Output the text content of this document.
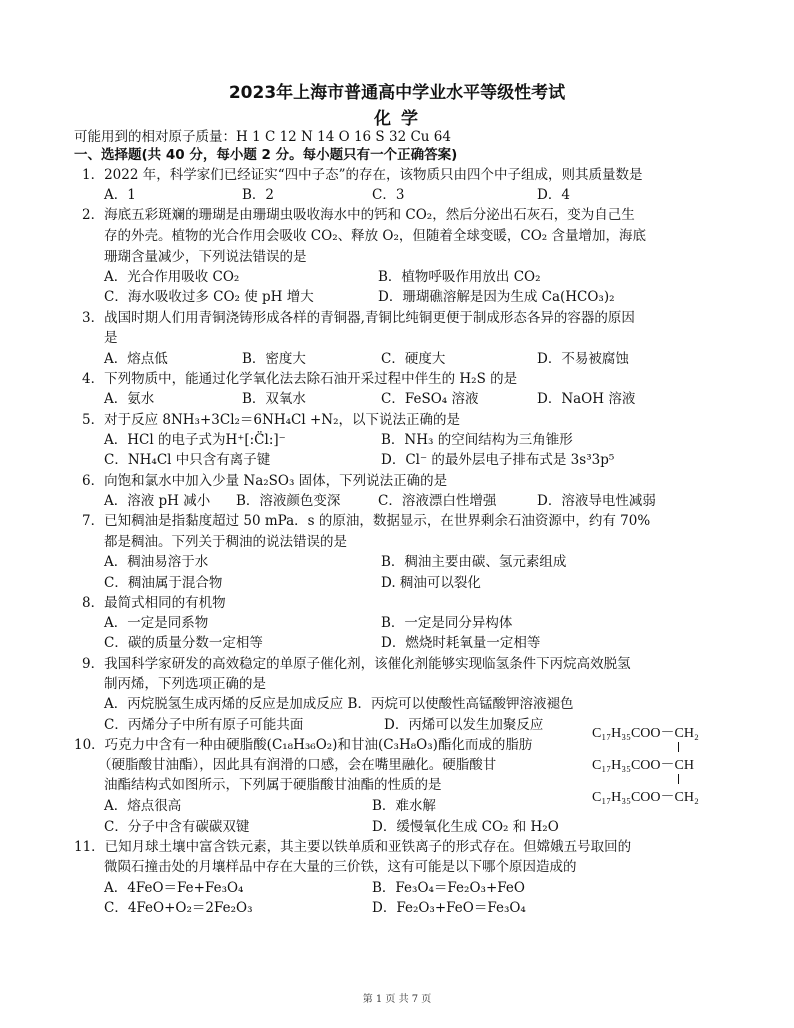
2023年上海市普通高中学业水平等级性考试
化 学
可能用到的相对原子质量：H 1 C 12 N 14 O 16 S 32 Cu 64
一、选择题(共 40 分，每小题 2 分。每小题只有一个正确答案)
1．2022 年，科学家们已经证实“四中子态”的存在，该物质只由四个中子组成，则其质量数是
A．1	B．2	C．3	D．4
2．海底五彩斑斓的珊瑚是由珊瑚虫吸收海水中的钙和 CO₂，然后分泌出石灰石，变为自己生
存的外壳。植物的光合作用会吸收 CO₂、释放 O₂，但随着全球变暖，CO₂ 含量增加，海底
珊瑚含量减少，下列说法错误的是
A．光合作用吸收 CO₂	B．植物呼吸作用放出 CO₂
C．海水吸收过多 CO₂ 使 pH 增大	D．珊瑚礁溶解是因为生成 Ca(HCO₃)₂
3．战国时期人们用青铜浇铸形成各样的青铜器,青铜比纯铜更便于制成形态各异的容器的原因
是
A．熔点低	B．密度大	C．硬度大	D．不易被腐蚀
4．下列物质中，能通过化学氧化法去除石油开采过程中伴生的 H₂S 的是
A．氨水	B．双氧水	C．FeSO₄ 溶液	D．NaOH 溶液
5．对于反应 8NH₃+3Cl₂＝6NH₄Cl +N₂，以下说法正确的是
A．HCl 的电子式为H⁺[:C̈l:]⁻	B．NH₃ 的空间结构为三角锥形
C．NH₄Cl 中只含有离子键	D．Cl⁻ 的最外层电子排布式是 3s³3p⁵
6．向饱和氯水中加入少量 Na₂SO₃ 固体，下列说法正确的是
A．溶液 pH 减小 B．溶液颜色变深	C．溶液漂白性增强	D．溶液导电性减弱
7．已知稠油是指黏度超过 50 mPa．s 的原油，数据显示，在世界剩余石油资源中，约有 70%
都是稠油。下列关于稠油的说法错误的是
A．稠油易溶于水	B．稠油主要由碳、氢元素组成
C．稠油属于混合物	D. 稠油可以裂化
8．最简式相同的有机物
A．一定是同系物	B．一定是同分异构体
C．碳的质量分数一定相等	D．燃烧时耗氧量一定相等
9．我国科学家研发的高效稳定的单原子催化剂，该催化剂能够实现临氢条件下丙烷高效脱氢
制丙烯，下列选项正确的是
A．丙烷脱氢生成丙烯的反应是加成反应 B．丙烷可以使酸性高锰酸钾溶液褪色
C．丙烯分子中所有原子可能共面	D．丙烯可以发生加聚反应
10．巧克力中含有一种由硬脂酸(C₁₈H₃₆O₂)和甘油(C₃H₈O₃)酯化而成的脂肪
（硬脂酸甘油酯），因此具有润滑的口感，会在嘴里融化。硬脂酸甘
油酯结构式如图所示，下列属于硬脂酸甘油酯的性质的是
A．熔点很高	B．难水解
C．分子中含有碳碳双键	D．缓慢氧化生成 CO₂ 和 H₂O
C₁₇H₃₅COO－CH₂
C₁₇H₃₅COO－CH
C₁₇H₃₅COO－CH₂
11．已知月球土壤中富含铁元素，其主要以铁单质和亚铁离子的形式存在。但嫦娥五号取回的
微陨石撞击处的月壤样品中存在大量的三价铁，这有可能是以下哪个原因造成的
A．4FeO＝Fe+Fe₃O₄	B．Fe₃O₄＝Fe₂O₃+FeO
C．4FeO+O₂＝2Fe₂O₃	D．Fe₂O₃+FeO＝Fe₃O₄
第 1 页 共 7 页
